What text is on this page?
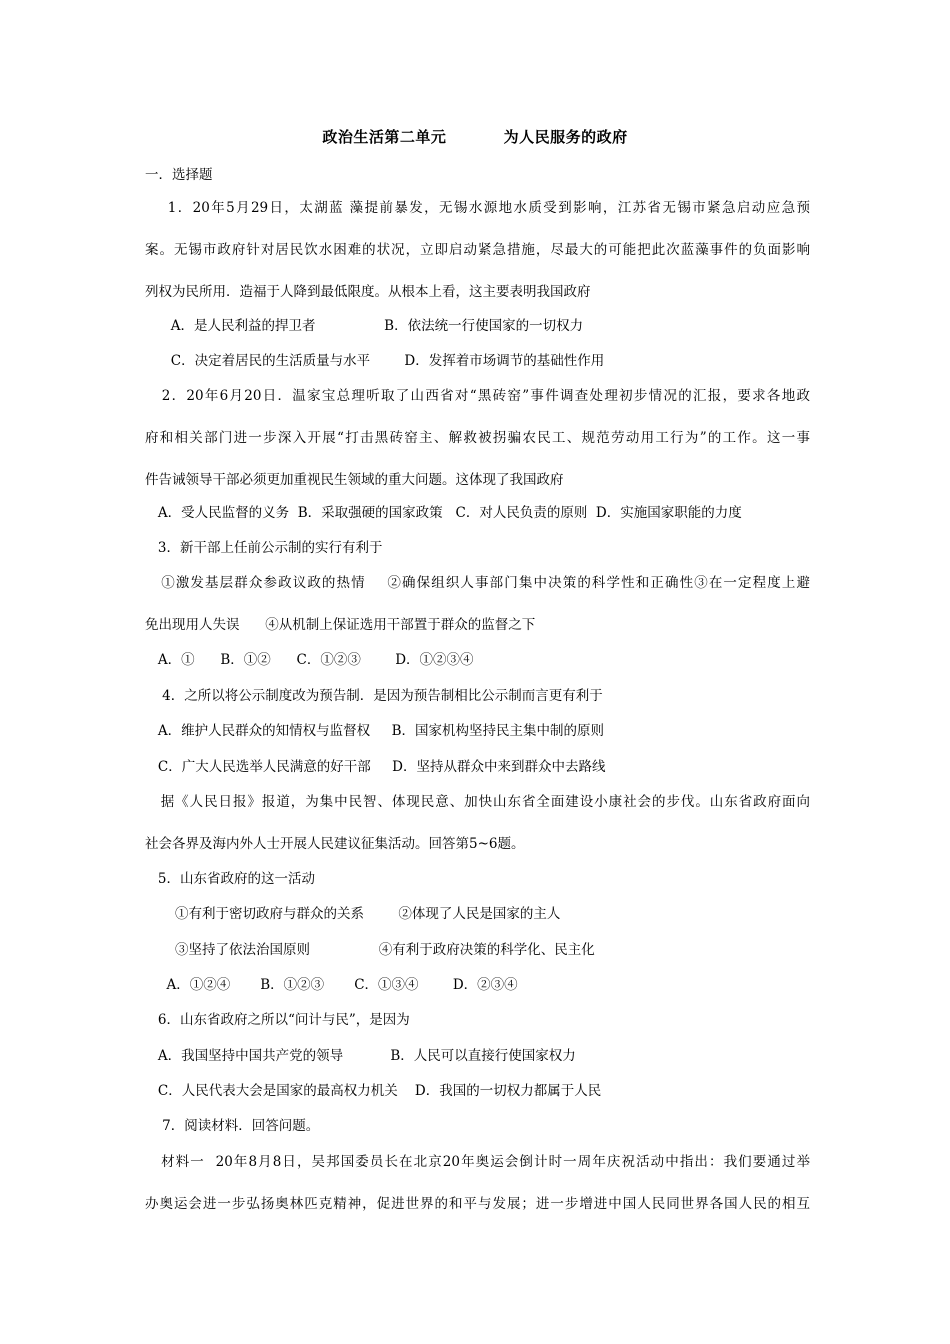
政治生活第二单元          为人民服务的政府
一．选择题
1．20年5月29日，太湖蓝 藻提前暴发，无锡水源地水质受到影响，江苏省无锡市紧急启动应急预
案。无锡市政府针对居民饮水困难的状况，立即启动紧急措施，尽最大的可能把此次蓝藻事件的负面影响
列权为民所用．造福于人降到最低限度。从根本上看，这主要表明我国政府
A．是人民利益的捍卫者                B．依法统一行使国家的一切权力
C．决定着居民的生活质量与水平        D．发挥着市场调节的基础性作用
2．20年6月20日．温家宝总理听取了山西省对“黑砖窑”事件调查处理初步情况的汇报，要求各地政
府和相关部门进一步深入开展“打击黑砖窑主、解救被拐骗农民工、规范劳动用工行为”的工作。这一事
件告诫领导干部必须更加重视民生领域的重大问题。这体现了我国政府
A．受人民监督的义务  B．采取强硬的国家政策   C．对人民负责的原则  D．实施国家职能的力度
3．新干部上任前公示制的实行有利于
①激发基层群众参政议政的热情    ②确保组织人事部门集中决策的科学性和正确性③在一定程度上避
免出现用人失误      ④从机制上保证选用干部置于群众的监督之下
A．①      B．①②      C．①②③        D．①②③④
4．之所以将公示制度改为预告制．是因为预告制相比公示制而言更有利于
A．维护人民群众的知情权与监督权     B．国家机构坚持民主集中制的原则
C．广大人民选举人民满意的好干部     D．坚持从群众中来到群众中去路线
据《人民日报》报道，为集中民智、体现民意、加快山东省全面建设小康社会的步伐。山东省政府面向
社会各界及海内外人士开展人民建议征集活动。回答第5~6题。
5．山东省政府的这一活动
①有利于密切政府与群众的关系        ②体现了人民是国家的主人
③坚持了依法治国原则                ④有利于政府决策的科学化、民主化
A．①②④       B．①②③       C．①③④        D．②③④
6．山东省政府之所以“问计与民”，是因为
A．我国坚持中国共产党的领导           B．人民可以直接行使国家权力
C．人民代表大会是国家的最高权力机关    D．我国的一切权力都属于人民
7．阅读材料．回答问题。
材料一  20年8月8日，吴邦国委员长在北京20年奥运会倒计时一周年庆祝活动中指出：我们要通过举
办奥运会进一步弘扬奥林匹克精神，促进世界的和平与发展；进一步增进中国人民同世界各国人民的相互
